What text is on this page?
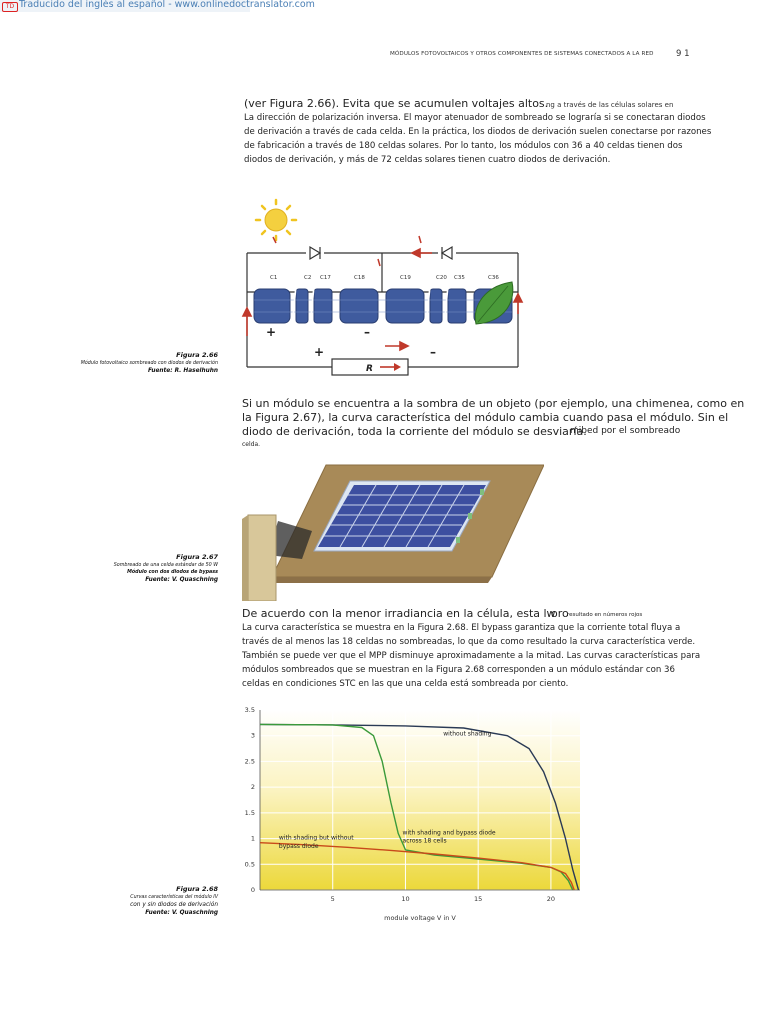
TD Traducido del inglés al español - www.onlinedoctranslator.com
MÓDULOS FOTOVOLTAICOS Y OTROS COMPONENTES DE SISTEMAS CONECTADOS A LA RED	9 1
(ver Figura 2.66). Evita que se acumulen voltajes altos.
ng a través de las células solares en
La dirección de polarización inversa. El mayor atenuador de sombreado se lograría si se conectaran diodos
de derivación a través de cada celda. En la práctica, los diodos de derivación suelen conectarse por razones
de fabricación a través de 180 celdas solares. Por lo tanto, los módulos con 36 a 40 celdas tienen dos
diodos de derivación, y más de 72 celdas solares tienen cuatro diodos de derivación.
C1	C2 C17	C18	C19	C20 C35	C36
+	–
+	–
R
Figura 2.66
Módulo fotovoltaico sombreado con diodos de derivación
Fuente: R. Haselhuhn
Si un módulo se encuentra a la sombra de un objeto (por ejemplo, una chimenea, como en
la Figura 2.67), la curva característica del módulo cambia cuando pasa el módulo. Sin el
diodo de derivación, toda la corriente del módulo se desviaría.
mibed por el sombreado
celda.
Figura 2.67
Sombreado de una celda estándar de 50 W
Módulo con dos diodos de bypass
Fuente: V. Quaschning
De acuerdo con la menor irradiancia en la célula, esta lw
oro
resultado en números rojos
La curva característica se muestra en la Figura 2.68. El bypass garantiza que la corriente total fluya a
través de al menos las 18 celdas no sombreadas, lo que da como resultado la curva característica verde.
También se puede ver que el MPP disminuye aproximadamente a la mitad. Las curvas características para
módulos sombreados que se muestran en la Figura 2.68 corresponden a un módulo estándar con 36
celdas en condiciones STC en las que una celda está sombreada por ciento.
0
0.5
1
1.5
2
2.5
3
3.5
5	10	15	20
without shading
with shading and bypass diode
across 18 cells
with shading but without
bypass diode
module voltage V in V
Figura 2.68
Curvas características del módulo IV
con y sin diodos de derivación
Fuente: V. Quaschning
